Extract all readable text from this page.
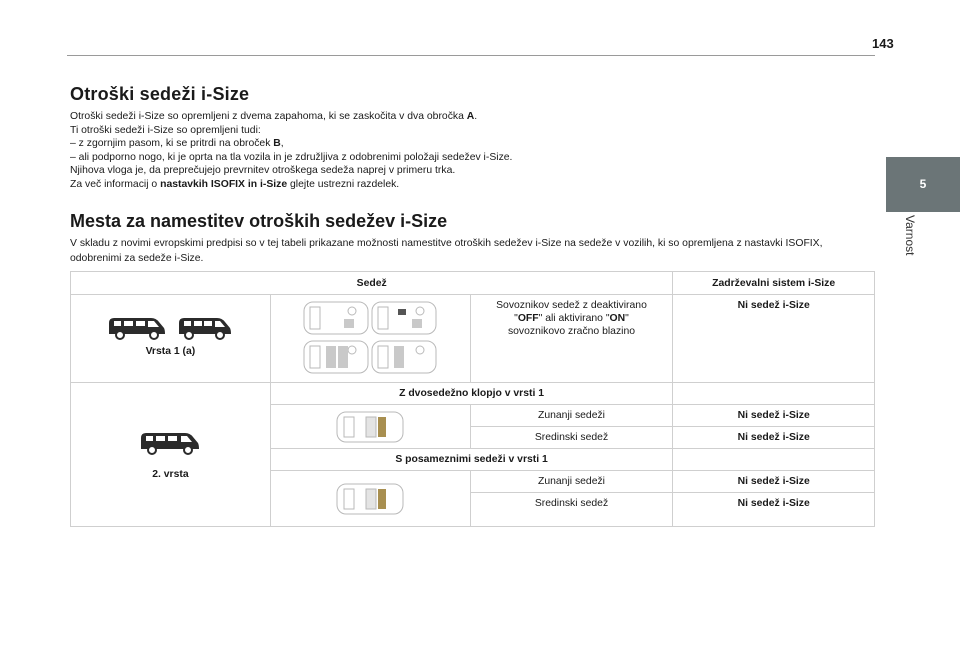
143
5
Varnost
Otroški sedeži i-Size

Otroški sedeži i-Size so opremljeni z dvema zapahoma, ki se zaskočita v dva obročka A.

Ti otroški sedeži i-Size so opremljeni tudi:

– z zgornjim pasom, ki se pritrdi na obroček B,

– ali podporno nogo, ki je oprta na tla vozila in je združljiva z odobrenimi položaji sedežev i-Size.

Njihova vloga je, da preprečujejo prevrnitev otroškega sedeža naprej v primeru trka.

Za več informacij o nastavkih ISOFIX in i-Size glejte ustrezni razdelek.

Mesta za namestitev otroških sedežev i-Size
V skladu z novimi evropskimi predpisi so v tej tabeli prikazane možnosti namestitve otroških sedežev i-Size na sedeže v vozilih, ki so opremljena z nastavki ISOFIX, odobrenimi za sedeže i-Size.
Sedež			Zadrževalni sistem i-Size

Vrsta 1 (a)		Sovoznikov sedež z deaktivirano
"OFF" ali aktivirano "ON"
sovoznikovo zračno blazino	Ni sedež i-Size

2. vrsta	Z dvosedežno klopjo v vrsti 1		

	Zunanji sedeži	Ni sedež i-Size
		Sredinski sedež	Ni sedež i-Size
	S posameznimi sedeži v vrsti 1		

	Zunanji sedeži	Ni sedež i-Size
		Sredinski sedež	Ni sedež i-Size
